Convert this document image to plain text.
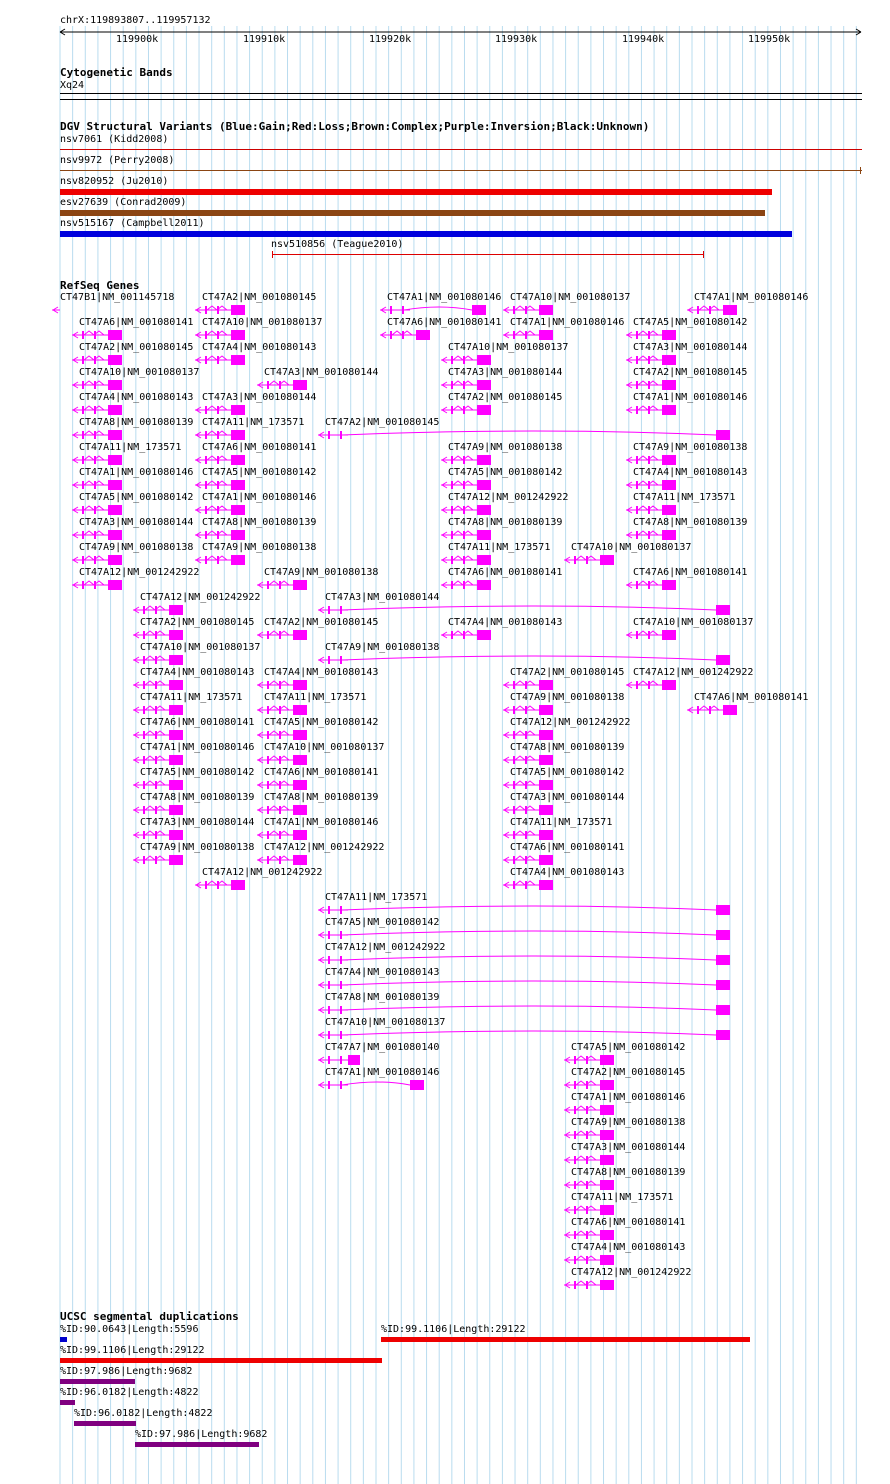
chrX:119893807..119957132
119900k	119910k	119920k	119930k	119940k	119950k
Cytogenetic Bands
Xq24
DGV Structural Variants (Blue:Gain;Red:Loss;Brown:Complex;Purple:Inversion;Black:Unknown)
nsv7061 (Kidd2008)
nsv9972 (Perry2008)
nsv820952 (Ju2010)
esv27639 (Conrad2009)
nsv515167 (Campbell2011)
nsv510856 (Teague2010)
RefSeq Genes
CT47B1|NM_001145718	CT47A2|NM_001080145	CT47A1|NM_001080146 CT47A10|NM_001080137	CT47A1|NM_001080146
CT47A6|NM_001080141 CT47A10|NM_001080137	CT47A6|NM_001080141 CT47A1|NM_001080146 CT47A5|NM_001080142
CT47A2|NM_001080145 CT47A4|NM_001080143	CT47A10|NM_001080137	CT47A3|NM_001080144
CT47A10|NM_001080137	CT47A3|NM_001080144	CT47A3|NM_001080144	CT47A2|NM_001080145
CT47A4|NM_001080143 CT47A3|NM_001080144	CT47A2|NM_001080145	CT47A1|NM_001080146
CT47A8|NM_001080139 CT47A11|NM_173571 CT47A2|NM_001080145
CT47A11|NM_173571 CT47A6|NM_001080141	CT47A9|NM_001080138	CT47A9|NM_001080138
CT47A1|NM_001080146 CT47A5|NM_001080142	CT47A5|NM_001080142	CT47A4|NM_001080143
CT47A5|NM_001080142 CT47A1|NM_001080146	CT47A12|NM_001242922	CT47A11|NM_173571
CT47A3|NM_001080144 CT47A8|NM_001080139	CT47A8|NM_001080139	CT47A8|NM_001080139
CT47A9|NM_001080138 CT47A9|NM_001080138	CT47A11|NM_173571 CT47A10|NM_001080137
CT47A12|NM_001242922	CT47A9|NM_001080138	CT47A6|NM_001080141	CT47A6|NM_001080141
CT47A12|NM_001242922	CT47A3|NM_001080144
CT47A2|NM_001080145 CT47A2|NM_001080145	CT47A4|NM_001080143	CT47A10|NM_001080137
CT47A10|NM_001080137	CT47A9|NM_001080138
CT47A4|NM_001080143 CT47A4|NM_001080143	CT47A2|NM_001080145 CT47A12|NM_001242922
CT47A11|NM_173571 CT47A11|NM_173571	CT47A9|NM_001080138	CT47A6|NM_001080141
CT47A6|NM_001080141 CT47A5|NM_001080142	CT47A12|NM_001242922
CT47A1|NM_001080146 CT47A10|NM_001080137	CT47A8|NM_001080139
CT47A5|NM_001080142 CT47A6|NM_001080141	CT47A5|NM_001080142
CT47A8|NM_001080139 CT47A8|NM_001080139	CT47A3|NM_001080144
CT47A3|NM_001080144 CT47A1|NM_001080146	CT47A11|NM_173571
CT47A9|NM_001080138 CT47A12|NM_001242922	CT47A6|NM_001080141
CT47A12|NM_001242922	CT47A4|NM_001080143
CT47A11|NM_173571
CT47A5|NM_001080142
CT47A12|NM_001242922
CT47A4|NM_001080143
CT47A8|NM_001080139
CT47A10|NM_001080137
CT47A7|NM_001080140	CT47A5|NM_001080142
CT47A1|NM_001080146	CT47A2|NM_001080145
CT47A1|NM_001080146
CT47A9|NM_001080138
CT47A3|NM_001080144
CT47A8|NM_001080139
CT47A11|NM_173571
CT47A6|NM_001080141
CT47A4|NM_001080143
CT47A12|NM_001242922
UCSC segmental duplications
%ID:90.0643|Length:5596	%ID:99.1106|Length:29122
%ID:99.1106|Length:29122
%ID:97.986|Length:9682
%ID:96.0182|Length:4822
%ID:96.0182|Length:4822
%ID:97.986|Length:9682
